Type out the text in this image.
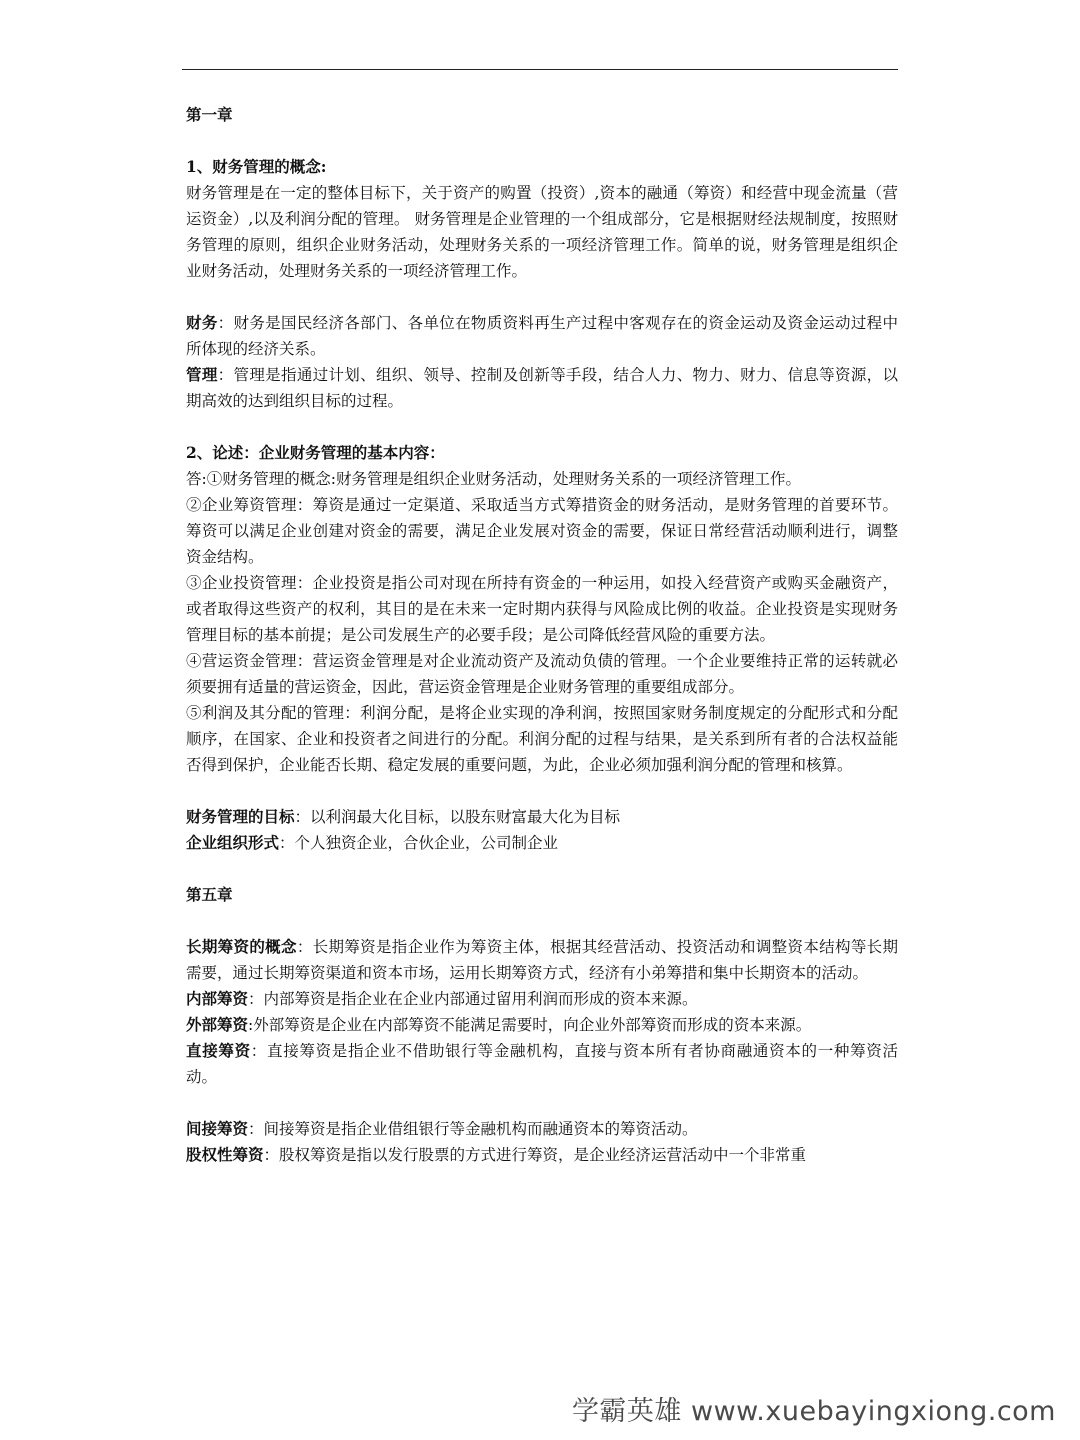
第一章

1、财务管理的概念:

财务管理是在一定的整体目标下，关于资产的购置（投资）,资本的融通（筹资）和经营中现金流量（营运资金）,以及利润分配的管理。 财务管理是企业管理的一个组成部分，它是根据财经法规制度，按照财务管理的原则，组织企业财务活动，处理财务关系的一项经济管理工作。简单的说，财务管理是组织企业财务活动，处理财务关系的一项经济管理工作。

财务：财务是国民经济各部门、各单位在物质资料再生产过程中客观存在的资金运动及资金运动过程中所体现的经济关系。

管理：管理是指通过计划、组织、领导、控制及创新等手段，结合人力、物力、财力、信息等资源，以期高效的达到组织目标的过程。

2、论述：企业财务管理的基本内容：

答:①财务管理的概念:财务管理是组织企业财务活动，处理财务关系的一项经济管理工作。

②企业筹资管理：筹资是通过一定渠道、采取适当方式筹措资金的财务活动，是财务管理的首要环节。筹资可以满足企业创建对资金的需要，满足企业发展对资金的需要，保证日常经营活动顺利进行，调整资金结构。

③企业投资管理：企业投资是指公司对现在所持有资金的一种运用，如投入经营资产或购买金融资产，或者取得这些资产的权利，其目的是在未来一定时期内获得与风险成比例的收益。企业投资是实现财务管理目标的基本前提；是公司发展生产的必要手段；是公司降低经营风险的重要方法。

④营运资金管理：营运资金管理是对企业流动资产及流动负债的管理。一个企业要维持正常的运转就必须要拥有适量的营运资金，因此，营运资金管理是企业财务管理的重要组成部分。

⑤利润及其分配的管理：利润分配，是将企业实现的净利润，按照国家财务制度规定的分配形式和分配顺序，在国家、企业和投资者之间进行的分配。利润分配的过程与结果，是关系到所有者的合法权益能否得到保护，企业能否长期、稳定发展的重要问题，为此，企业必须加强利润分配的管理和核算。

财务管理的目标：以利润最大化目标，以股东财富最大化为目标

企业组织形式：个人独资企业，合伙企业，公司制企业

第五章

长期筹资的概念：长期筹资是指企业作为筹资主体，根据其经营活动、投资活动和调整资本结构等长期需要，通过长期筹资渠道和资本市场，运用长期筹资方式，经济有小弟筹措和集中长期资本的活动。

内部筹资：内部筹资是指企业在企业内部通过留用利润而形成的资本来源。

外部筹资:外部筹资是企业在内部筹资不能满足需要时，向企业外部筹资而形成的资本来源。

直接筹资：直接筹资是指企业不借助银行等金融机构，直接与资本所有者协商融通资本的一种筹资活动。

间接筹资：间接筹资是指企业借组银行等金融机构而融通资本的筹资活动。

股权性筹资：股权筹资是指以发行股票的方式进行筹资，是企业经济运营活动中一个非常重

学霸英雄 www.xuebayingxiong.com
